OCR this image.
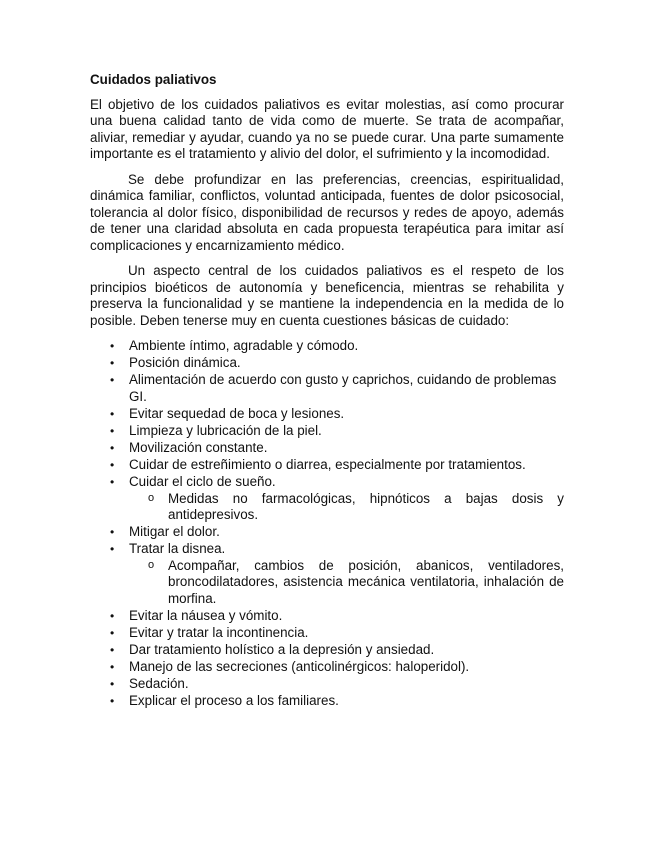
Cuidados paliativos

El objetivo de los cuidados paliativos es evitar molestias, así como procurar una buena calidad tanto de vida como de muerte. Se trata de acompañar, aliviar, remediar y ayudar, cuando ya no se puede curar. Una parte sumamente importante es el tratamiento y alivio del dolor, el sufrimiento y la incomodidad.

Se debe profundizar en las preferencias, creencias, espiritualidad, dinámica familiar, conflictos, voluntad anticipada, fuentes de dolor psicosocial, tolerancia al dolor físico, disponibilidad de recursos y redes de apoyo, además de tener una claridad absoluta en cada propuesta terapéutica para imitar así complicaciones y encarnizamiento médico.

Un aspecto central de los cuidados paliativos es el respeto de los principios bioéticos de autonomía y beneficencia, mientras se rehabilita y preserva la funcionalidad y se mantiene la independencia en la medida de lo posible. Deben tenerse muy en cuenta cuestiones básicas de cuidado:

• Ambiente íntimo, agradable y cómodo.
• Posición dinámica.
• Alimentación de acuerdo con gusto y caprichos, cuidando de problemas GI.
• Evitar sequedad de boca y lesiones.
• Limpieza y lubricación de la piel.
• Movilización constante.
• Cuidar de estreñimiento o diarrea, especialmente por tratamientos.
• Cuidar el ciclo de sueño.
o Medidas no farmacológicas, hipnóticos a bajas dosis y antidepresivos.
• Mitigar el dolor.
• Tratar la disnea.
o Acompañar, cambios de posición, abanicos, ventiladores, broncodilatadores, asistencia mecánica ventilatoria, inhalación de morfina.
• Evitar la náusea y vómito.
• Evitar y tratar la incontinencia.
• Dar tratamiento holístico a la depresión y ansiedad.
• Manejo de las secreciones (anticolinérgicos: haloperidol).
• Sedación.
• Explicar el proceso a los familiares.
